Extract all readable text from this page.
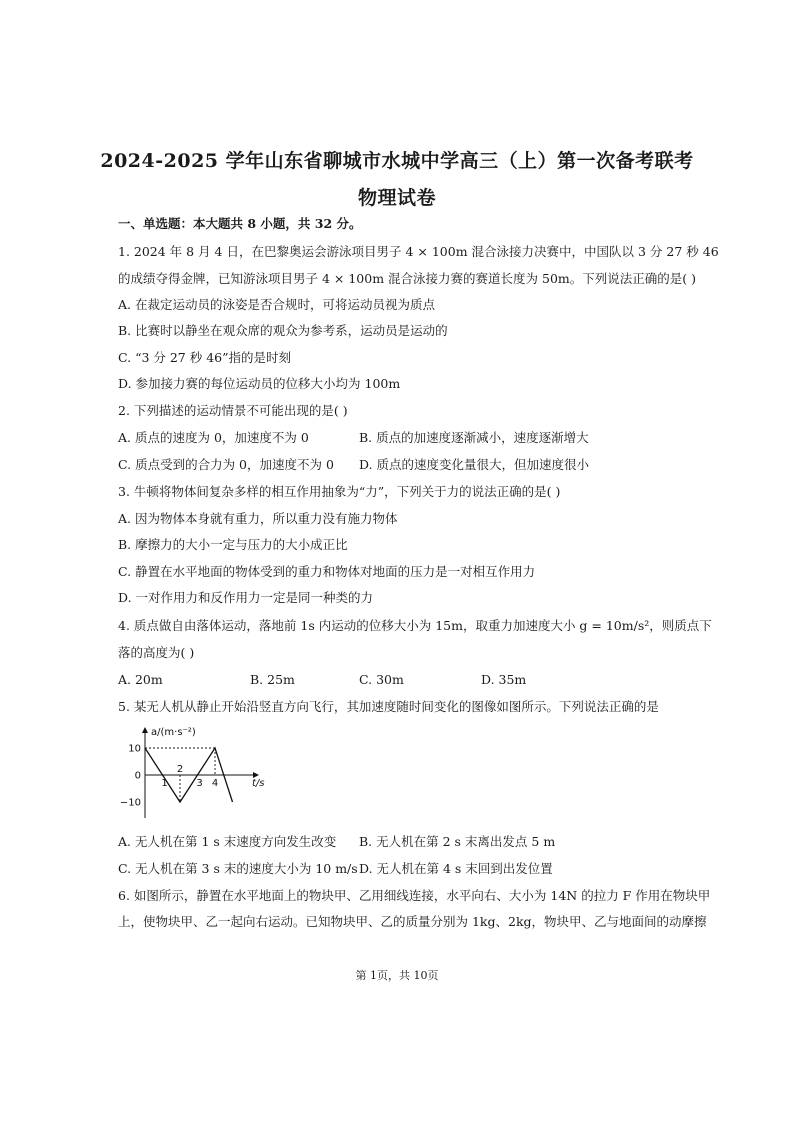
2024-2025 学年山东省聊城市水城中学高三（上）第一次备考联考
物理试卷
一、单选题：本大题共 8 小题，共 32 分。
1. 2024 年 8 月 4 日，在巴黎奥运会游泳项目男子 4 × 100m 混合泳接力决赛中，中国队以 3 分 27 秒 46
的成绩夺得金牌，已知游泳项目男子 4 × 100m 混合泳接力赛的赛道长度为 50m。下列说法正确的是( )
A. 在裁定运动员的泳姿是否合规时，可将运动员视为质点
B. 比赛时以静坐在观众席的观众为参考系，运动员是运动的
C. “3 分 27 秒 46”指的是时刻
D. 参加接力赛的每位运动员的位移大小均为 100m
2. 下列描述的运动情景不可能出现的是( )
A. 质点的速度为 0，加速度不为 0	B. 质点的加速度逐渐减小，速度逐渐增大
C. 质点受到的合力为 0，加速度不为 0 D. 质点的速度变化量很大，但加速度很小
3. 牛顿将物体间复杂多样的相互作用抽象为“力”，下列关于力的说法正确的是( )
A. 因为物体本身就有重力，所以重力没有施力物体
B. 摩擦力的大小一定与压力的大小成正比
C. 静置在水平地面的物体受到的重力和物体对地面的压力是一对相互作用力
D. 一对作用力和反作用力一定是同一种类的力
4. 质点做自由落体运动，落地前 1s 内运动的位移大小为 15m，取重力加速度大小 g = 10m/s²，则质点下
落的高度为( )
A. 20m	B. 25m	C. 30m	D. 35m
5. 某无人机从静止开始沿竖直方向飞行，其加速度随时间变化的图像如图所示。下列说法正确的是
a/(m·s⁻²)
t/s
10
0
−10
1
2
3 4
A. 无人机在第 1 s 末速度方向发生改变 B. 无人机在第 2 s 末离出发点 5 m
C. 无人机在第 3 s 末的速度大小为 10 m/s D. 无人机在第 4 s 末回到出发位置
6. 如图所示，静置在水平地面上的物块甲、乙用细线连接，水平向右、大小为 14N 的拉力 F 作用在物块甲
上，使物块甲、乙一起向右运动。已知物块甲、乙的质量分别为 1kg、2kg，物块甲、乙与地面间的动摩擦
第 1页，共 10页
